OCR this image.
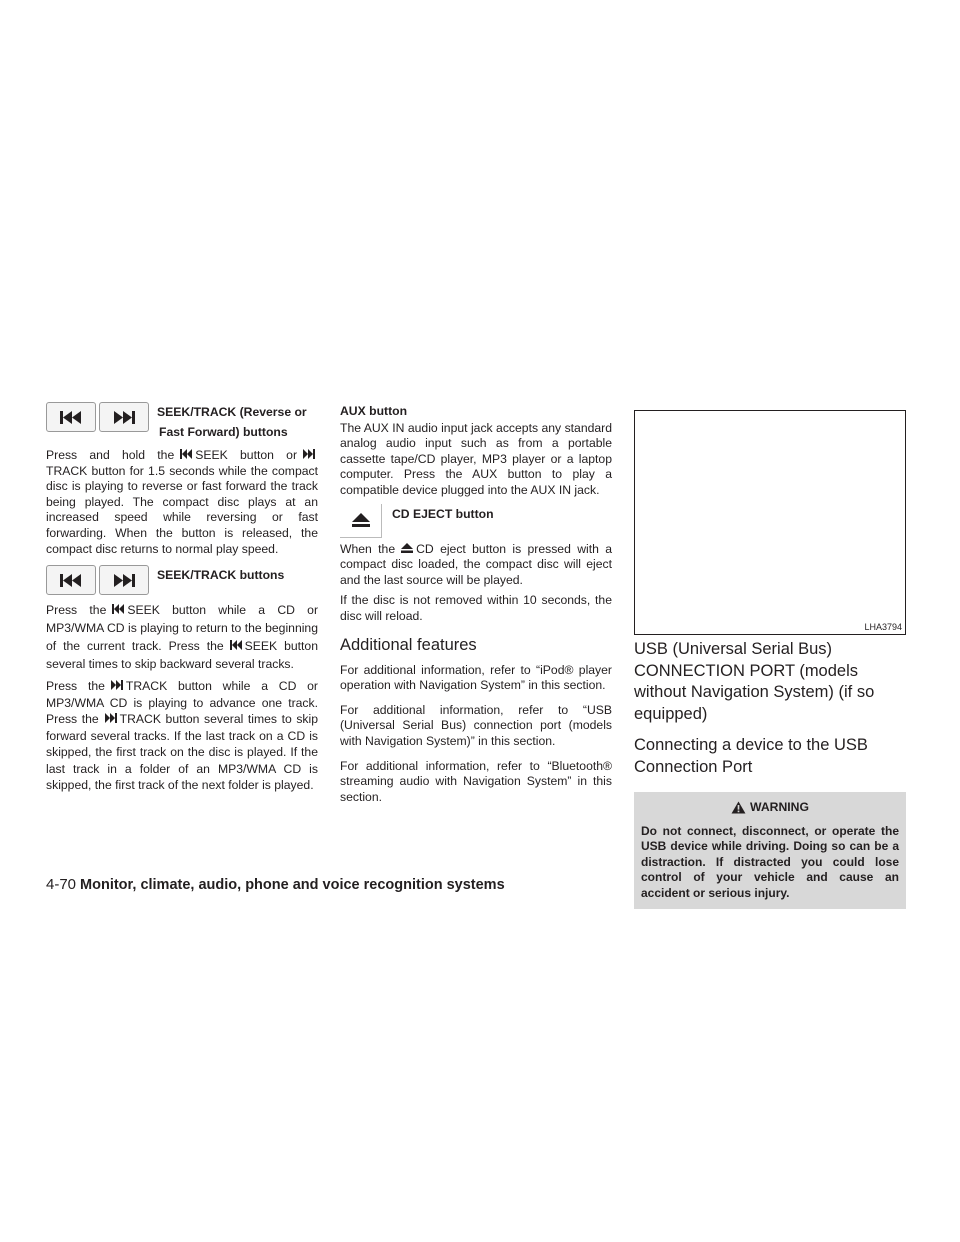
SEEK/TRACK (Reverse or
Fast Forward) buttons

Press and hold the SEEK button or TRACK button for 1.5 seconds while the compact disc is playing to reverse or fast forward the track being played. The compact disc plays at an increased speed while reversing or fast forwarding. When the button is released, the compact disc returns to normal play speed.

SEEK/TRACK buttons

Press the SEEK button while a CD or MP3/WMA CD is playing to return to the beginning of the current track. Press the SEEK button several times to skip backward several tracks.

Press the TRACK button while a CD or MP3/WMA CD is playing to advance one track. Press the TRACK button several times to skip forward several tracks. If the last track on a CD is skipped, the first track on the disc is played. If the last track in a folder of an MP3/WMA CD is skipped, the first track of the next folder is played.

AUX button

The AUX IN audio input jack accepts any standard analog audio input such as from a portable cassette tape/CD player, MP3 player or a laptop computer. Press the AUX button to play a compatible device plugged into the AUX IN jack.

CD EJECT button

When the CD eject button is pressed with a compact disc loaded, the compact disc will eject and the last source will be played.

If the disc is not removed within 10 seconds, the disc will reload.

Additional features

For additional information, refer to “iPod® player operation with Navigation System” in this section.

For additional information, refer to “USB (Universal Serial Bus) connection port (models with Navigation System)” in this section.

For additional information, refer to “Bluetooth® streaming audio with Navigation System” in this section.

LHA3794
USB (Universal Serial Bus) CONNECTION PORT (models without Navigation System) (if so equipped)
Connecting a device to the USB Connection Port
WARNING
Do not connect, disconnect, or operate the USB device while driving. Doing so can be a distraction. If distracted you could lose control of your vehicle and cause an accident or serious injury.
4-70 Monitor, climate, audio, phone and voice recognition systems
